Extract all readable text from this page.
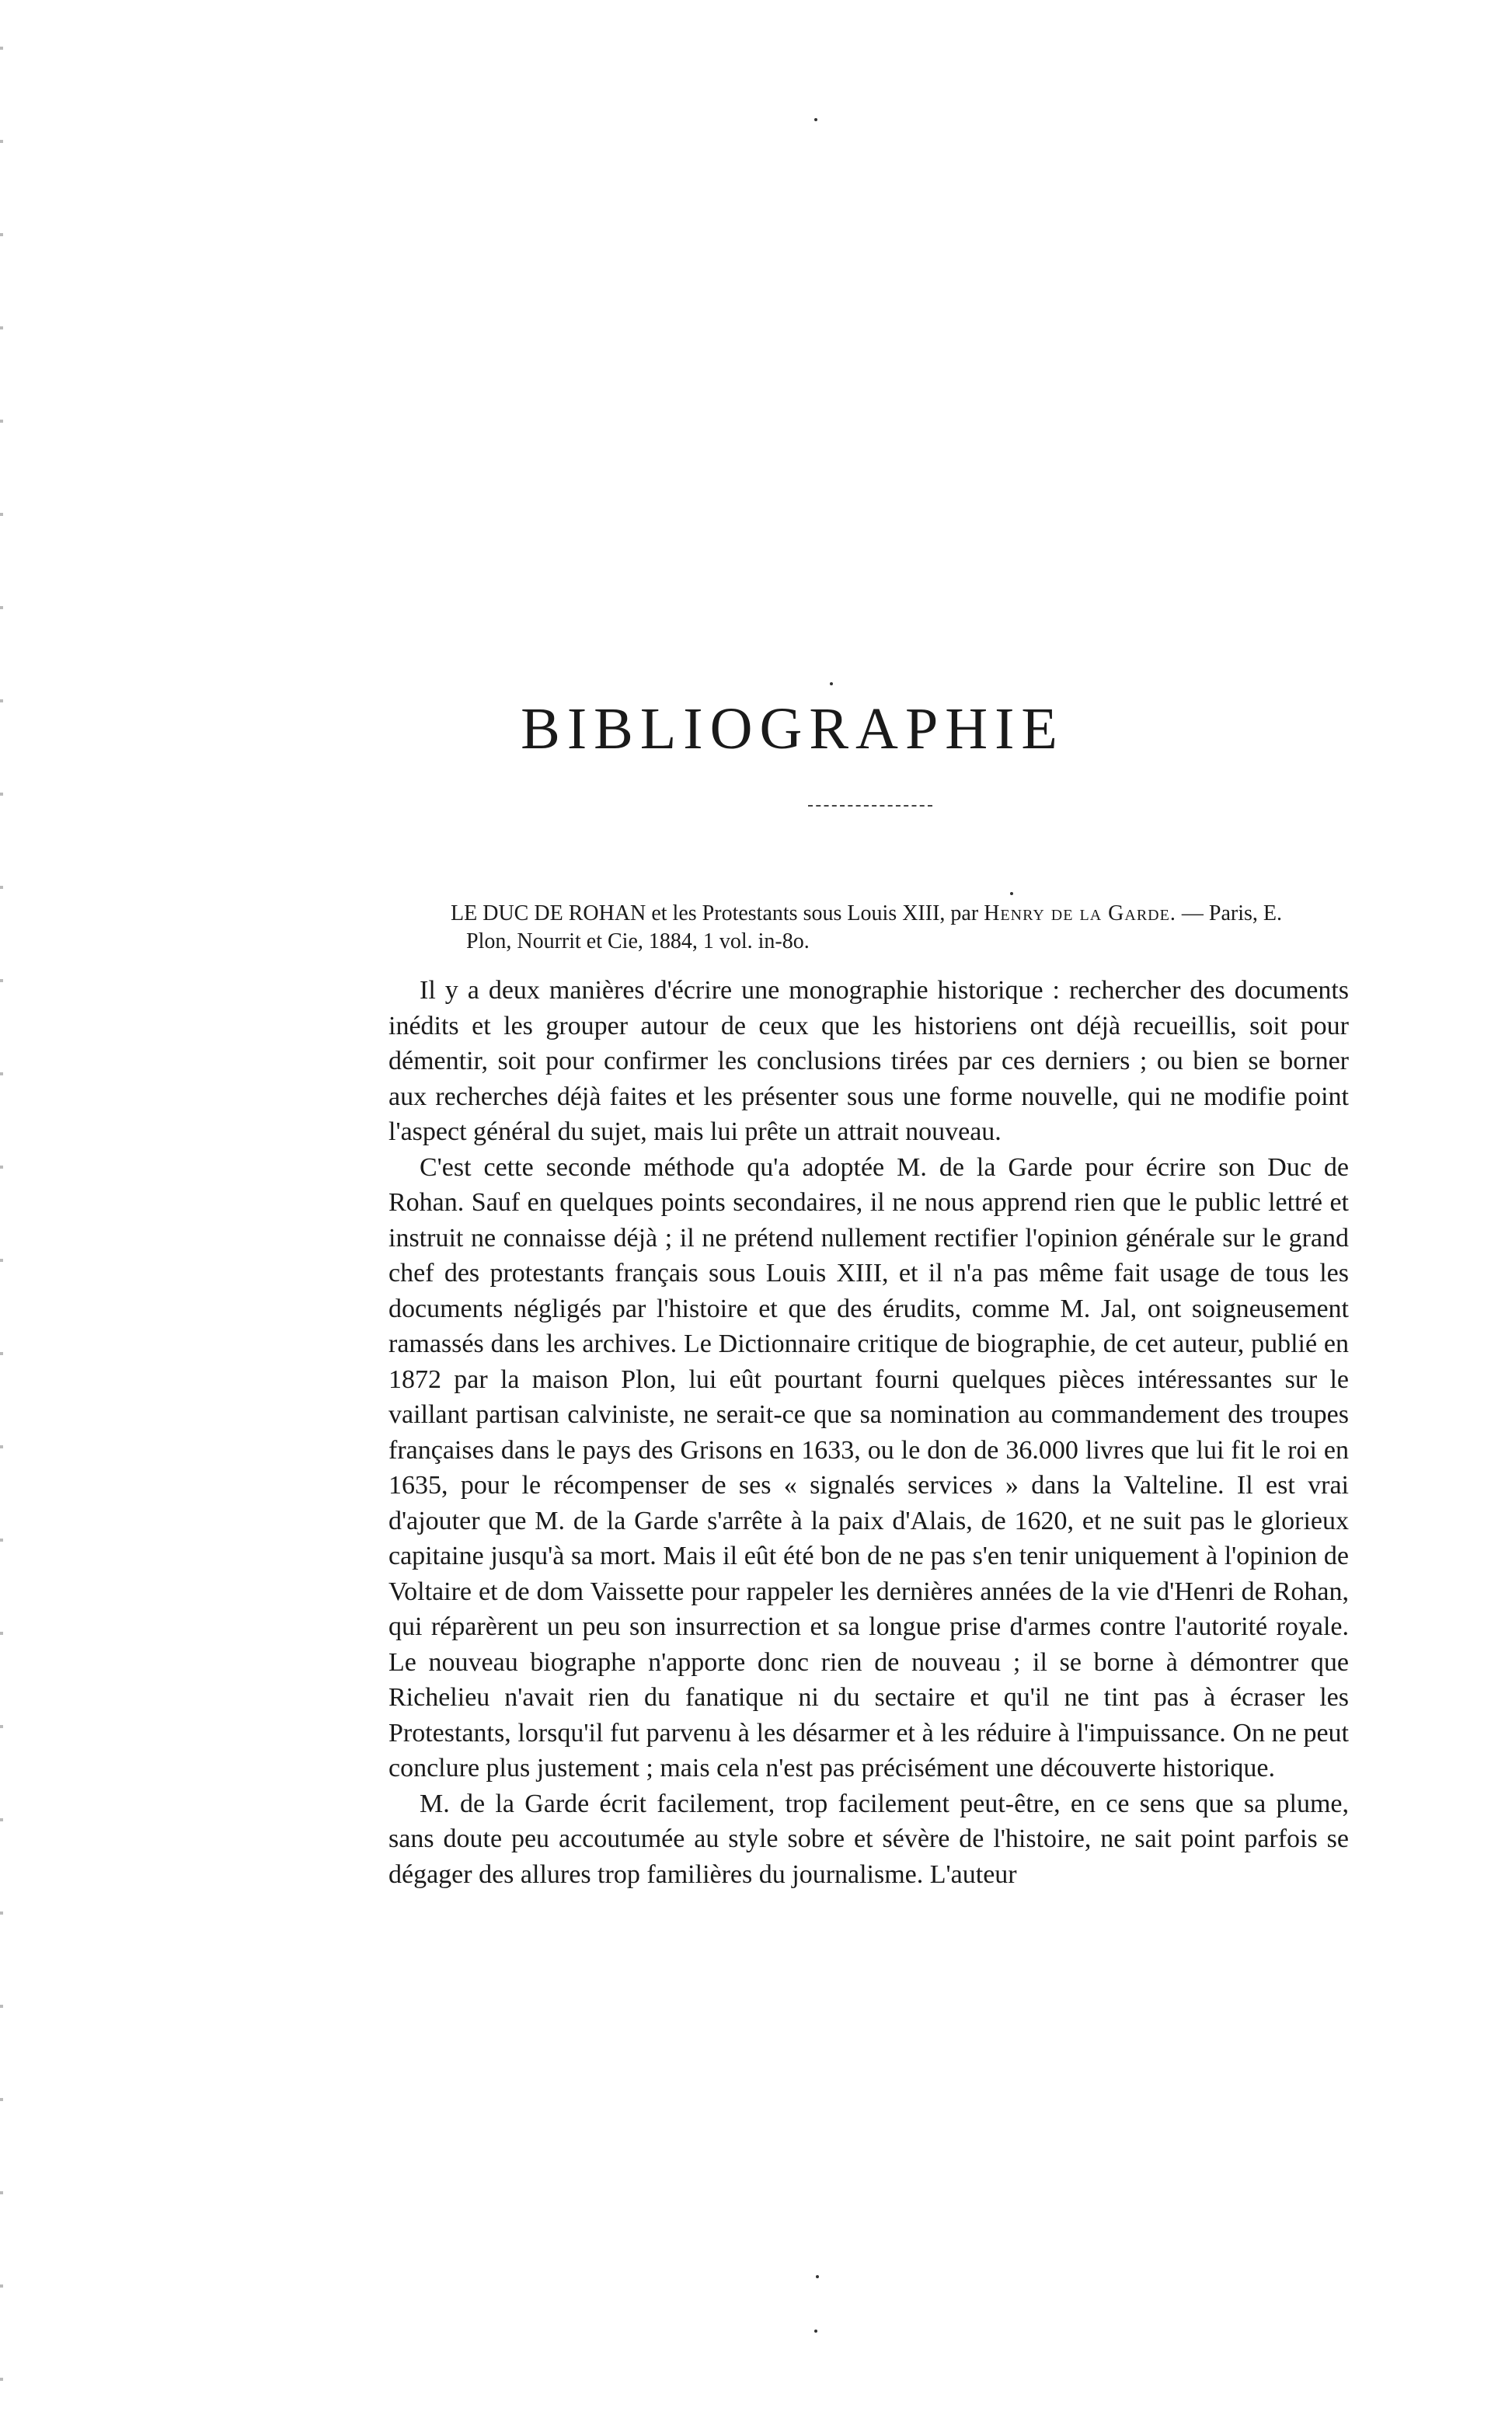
BIBLIOGRAPHIE

LE DUC DE ROHAN et les Protestants sous Louis XIII, par Henry de la Garde. — Paris, E. Plon, Nourrit et Cie, 1884, 1 vol. in-8o.

Il y a deux manières d'écrire une monographie historique : rechercher des documents inédits et les grouper autour de ceux que les historiens ont déjà recueillis, soit pour démentir, soit pour confirmer les conclusions tirées par ces derniers ; ou bien se borner aux recherches déjà faites et les présenter sous une forme nouvelle, qui ne modifie point l'aspect général du sujet, mais lui prête un attrait nouveau.

C'est cette seconde méthode qu'a adoptée M. de la Garde pour écrire son Duc de Rohan. Sauf en quelques points secondaires, il ne nous apprend rien que le public lettré et instruit ne connaisse déjà ; il ne prétend nullement rectifier l'opinion générale sur le grand chef des protestants français sous Louis XIII, et il n'a pas même fait usage de tous les documents négligés par l'histoire et que des érudits, comme M. Jal, ont soigneusement ramassés dans les archives. Le Dictionnaire critique de biographie, de cet auteur, publié en 1872 par la maison Plon, lui eût pourtant fourni quelques pièces intéressantes sur le vaillant partisan calviniste, ne serait-ce que sa nomination au commandement des troupes françaises dans le pays des Grisons en 1633, ou le don de 36.000 livres que lui fit le roi en 1635, pour le récompenser de ses « signalés services » dans la Valteline. Il est vrai d'ajouter que M. de la Garde s'arrête à la paix d'Alais, de 1620, et ne suit pas le glorieux capitaine jusqu'à sa mort. Mais il eût été bon de ne pas s'en tenir uniquement à l'opinion de Voltaire et de dom Vaissette pour rappeler les dernières années de la vie d'Henri de Rohan, qui réparèrent un peu son insurrection et sa longue prise d'armes contre l'autorité royale. Le nouveau biographe n'apporte donc rien de nouveau ; il se borne à démontrer que Richelieu n'avait rien du fanatique ni du sectaire et qu'il ne tint pas à écraser les Protestants, lorsqu'il fut parvenu à les désarmer et à les réduire à l'impuissance. On ne peut conclure plus justement ; mais cela n'est pas précisément une découverte historique.

M. de la Garde écrit facilement, trop facilement peut-être, en ce sens que sa plume, sans doute peu accoutumée au style sobre et sévère de l'histoire, ne sait point parfois se dégager des allures trop familières du journalisme. L'auteur
